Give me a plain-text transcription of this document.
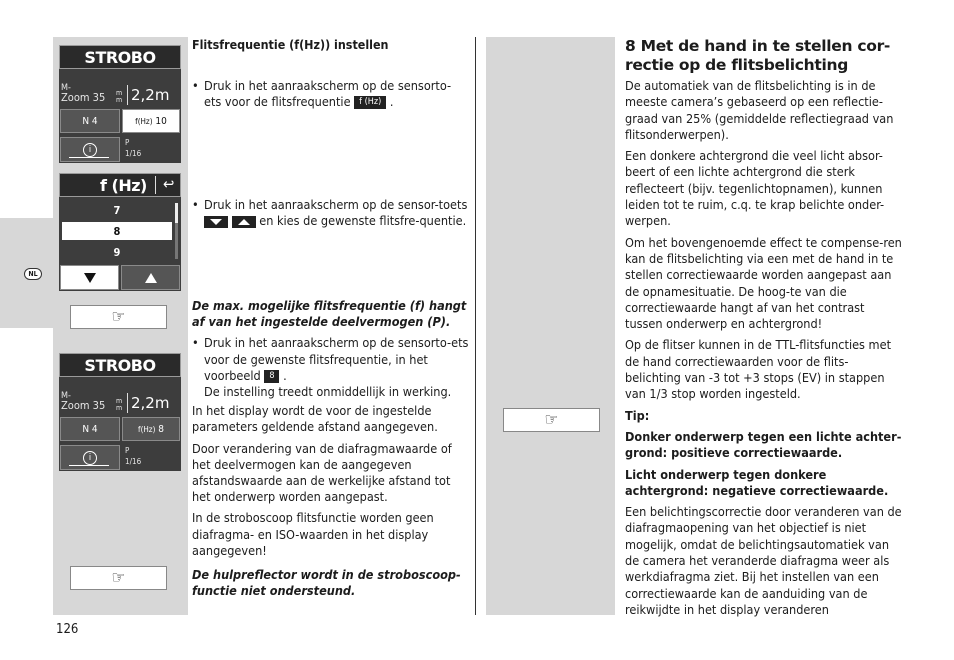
NL
STROBO
M-
Zoom 35 m
m 2,2m
N 4	f(Hz)
10
i
P
1/16
f (Hz) ↩
7
8
9
☞
STROBO
M-
Zoom 35 m
m 2,2m
N 4	f(Hz)
8
i
P
1/16
☞
☞
Flitsfrequentie (f(Hz)) instellen
• Druk in het aanraakscherm op de sensorto-ets voor de flitsfrequentie f (Hz) .
• Druk in het aanraakscherm op de sensor-toets   en kies de gewenste flitsfre-quentie.

De max. mogelijke flitsfrequentie (f) hangt af van het ingestelde deelvermogen (P).

• Druk in het aanraakscherm op de sensorto-ets voor de gewenste flitsfrequentie, in het voorbeeld 8 .
De instelling treedt onmiddellijk in werking.

In het display wordt de voor de ingestelde parameters geldende afstand aangegeven.

Door verandering van de diafragmawaarde of het deelvermogen kan de aangegeven afstandswaarde aan de werkelijke afstand tot het onderwerp worden aangepast.

In de stroboscoop flitsfunctie worden geen diafragma- en ISO-waarden in het display aangegeven!

De hulpreflector wordt in de stroboscoop-functie niet ondersteund.

8 Met de hand in te stellen cor-rectie op de flitsbelichting

De automatiek van de flitsbelichting is in de meeste camera’s gebaseerd op een reflectie-graad van 25% (gemiddelde reflectiegraad van flitsonderwerpen).

Een donkere achtergrond die veel licht absor-beert of een lichte achtergrond die sterk reflecteert (bijv. tegenlichtopnamen), kunnen leiden tot te ruim, c.q. te krap belichte onder-werpen.

Om het bovengenoemde effect te compense-ren kan de flitsbelichting via een met de hand in te stellen correctiewaarde worden aangepast aan de opnamesituatie. De hoog-te van die correctiewaarde hangt af van het contrast tussen onderwerp en achtergrond!

Op de flitser kunnen in de TTL-flitsfuncties met de hand correctiewaarden voor de flits-belichting van -3 tot +3 stops (EV) in stappen van 1/3 stop worden ingesteld.

Tip:

Donker onderwerp tegen een lichte achter-grond: positieve correctiewaarde.

Licht onderwerp tegen donkere achtergrond: negatieve correctiewaarde.

Een belichtingscorrectie door veranderen van de diafragmaopening van het objectief is niet mogelijk, omdat de belichtingsautomatiek van de camera het veranderde diafragma weer als werkdiafragma ziet. Bij het instellen van een correctiewaarde kan de aanduiding van de reikwijdte in het display veranderen

126
